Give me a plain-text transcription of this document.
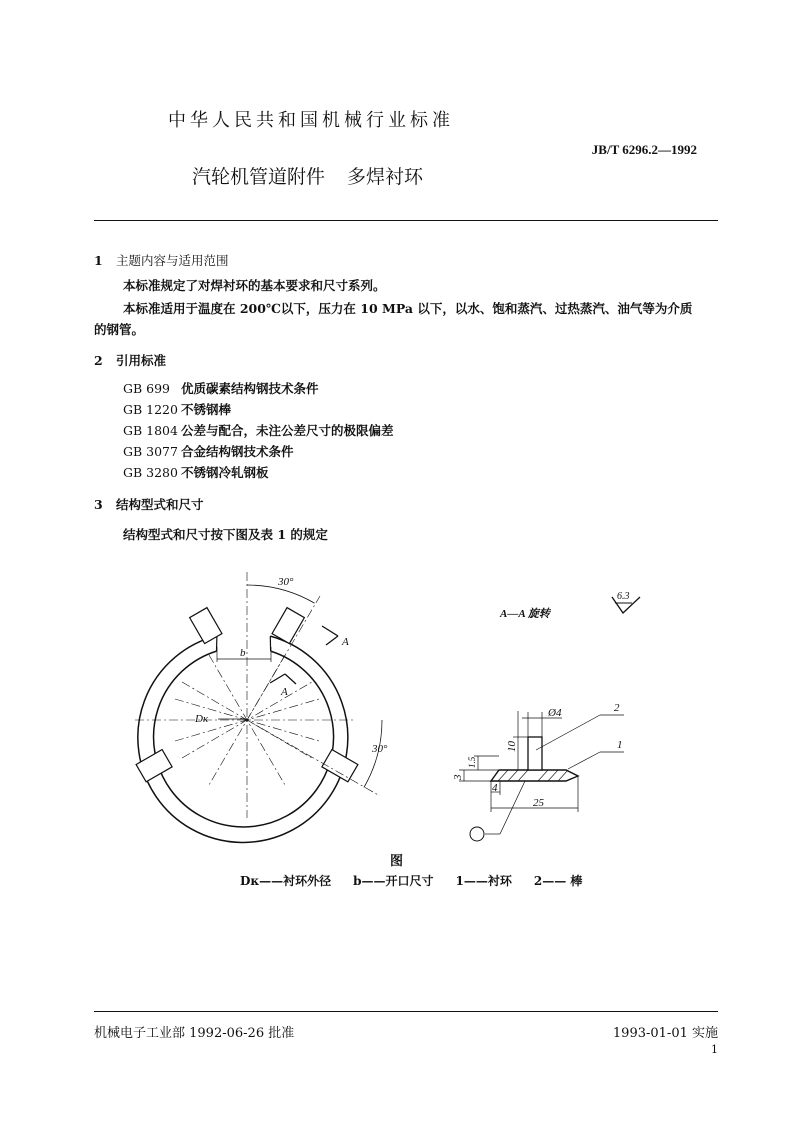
中华人民共和国机械行业标准
JB/T 6296.2—1992
汽轮机管道附件 多焊衬环
1 主题内容与适用范围
本标准规定了对焊衬环的基本要求和尺寸系列。
本标准适用于温度在 200℃以下，压力在 10 MPa 以下，以水、饱和蒸汽、过热蒸汽、油气等为介质
的钢管。
2 引用标准
GB 699 优质碳素结构钢技术条件
GB 1220 不锈钢棒
GB 1804 公差与配合，未注公差尺寸的极限偏差
GB 3077 合金结构钢技术条件
GB 3280 不锈钢冷轧钢板
3 结构型式和尺寸
结构型式和尺寸按下图及表 1 的规定
30°
30°
A
A
b
Dк
A—A 旋转
6.3
Ø4
10
1.5
3
4
25
2
1
图
Dк——衬环外径 b——开口尺寸 1——衬环 2—— 棒
机械电子工业部 1992-06-26 批准	1993-01-01 实施
1
